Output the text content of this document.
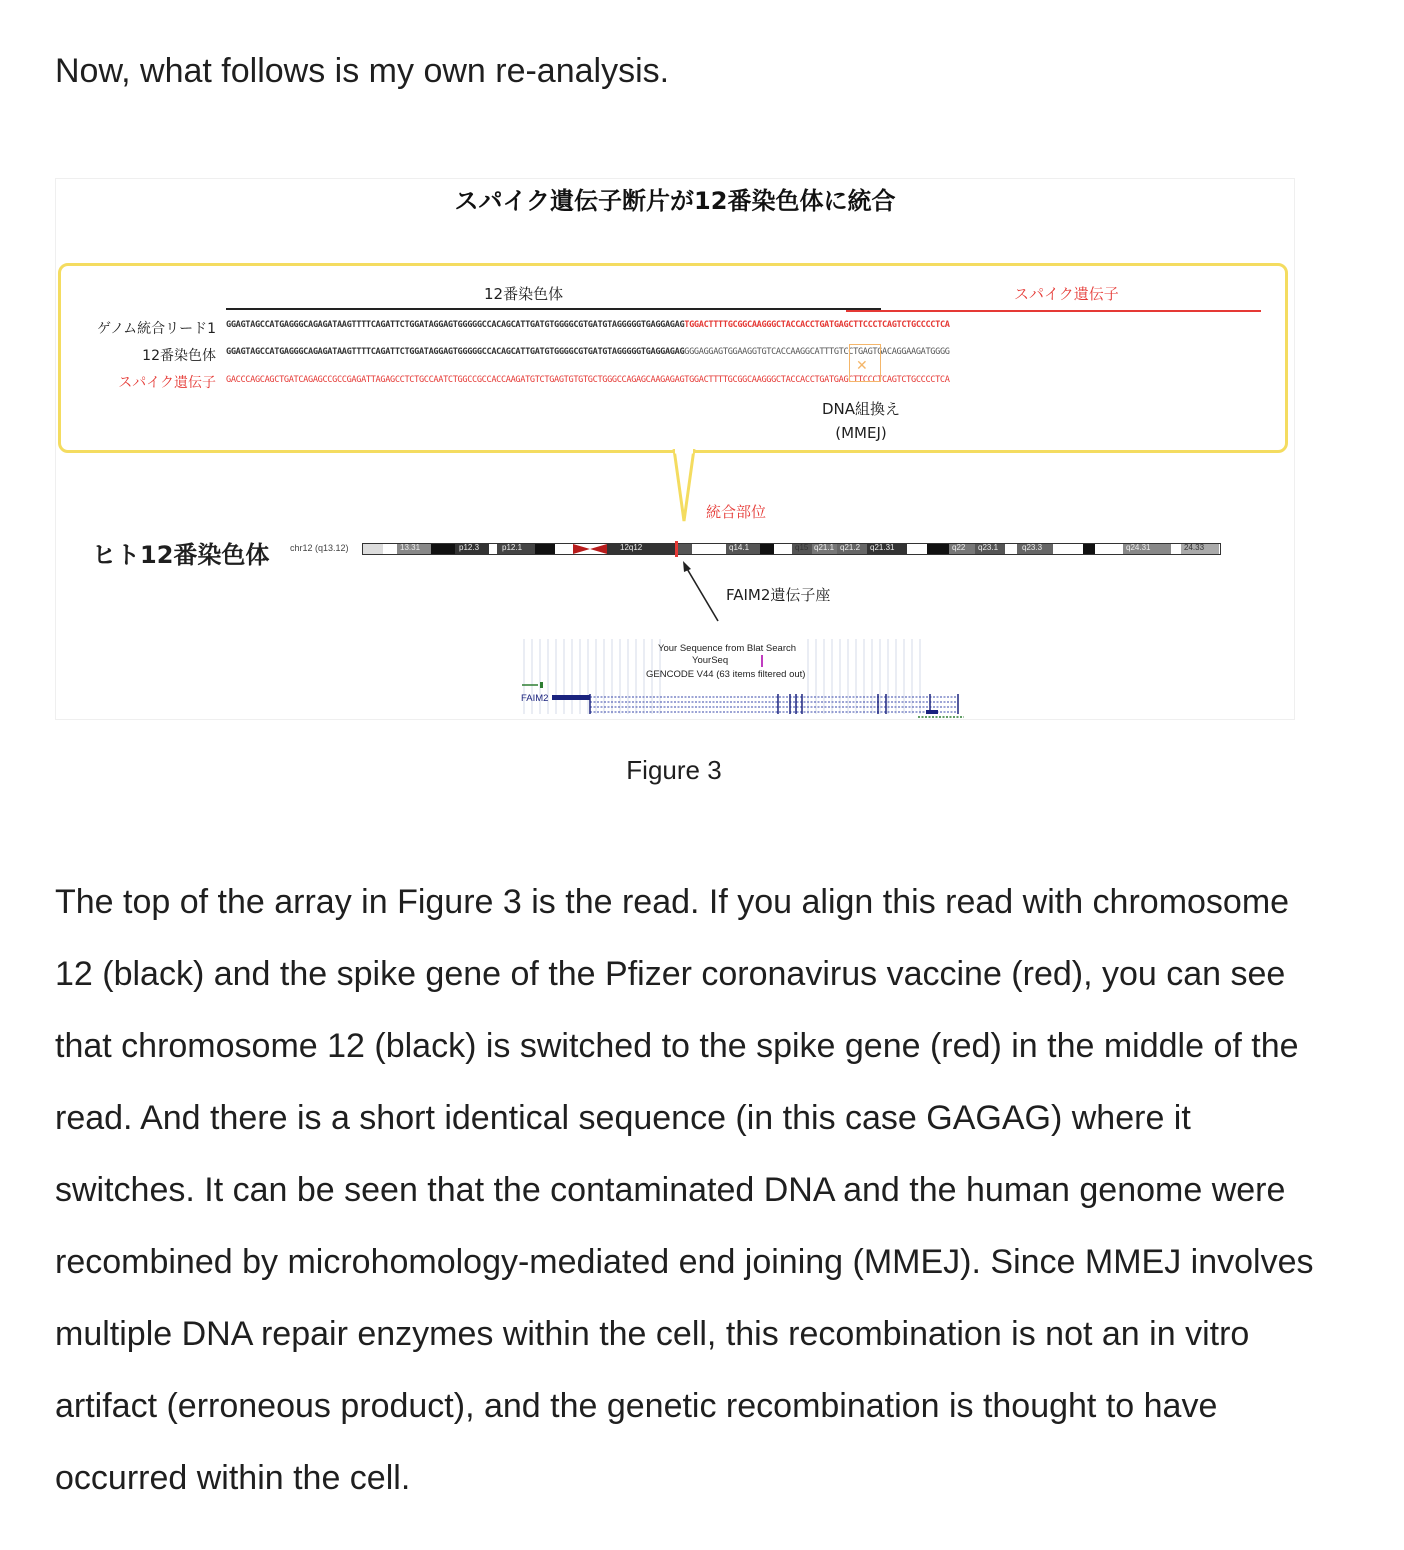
Now, what follows is my own re-analysis.

スパイク遺伝子断片が12番染色体に統合
12番染色体	スパイク遺伝子
ゲノム統合リード1 GGAGTAGCCATGAGGGCAGAGATAAGTTTTCAGATTCTGGATAGGAGTGGGGGCCACAGCATTGATGTGGGGCGTGATGTAGGGGGTGAGGAGAGTGGACTTTTGCGGCAAGGGCTACCACCTGATGAGCTTCCCTCAGTCTGCCCCTCA
12番染色体 GGAGTAGCCATGAGGGCAGAGATAAGTTTTCAGATTCTGGATAGGAGTGGGGGCCACAGCATTGATGTGGGGCGTGATGTAGGGGGTGAGGAGAGGGGAGGAGTGGAAGGTGTCACCAAGGCATTTGTCCTGAGTGACAGGAAGATGGGG
スパイク遺伝子 GACCCAGCAGCTGATCAGAGCCGCCGAGATTAGAGCCTCTGCCAATCTGGCCGCCACCAAGATGTCTGAGTGTGTGCTGGGCCAGAGCAAGAGAGTGGACTTTTGCGGCAAGGGCTACCACCTGATGAGCTTCCCTCAGTCTGCCCCTCA
✕
DNA組換え
(MMEJ)
統合部位
ヒト12番染色体 chr12 (q13.12)	13.31	p12.3	p12.1	12q12	q14.1	q15 q21.1 q21.2 q21.31	q22 q23.1	q23.3	q24.31	24.33
FAIM2遺伝子座
Your Sequence from Blat Search
YourSeq
GENCODE V44 (63 items filtered out)
FAIM2
Figure 3

The top of the array in Figure 3 is the read. If you align this read with chromosome 12 (black) and the spike gene of the Pfizer coronavirus vaccine (red), you can see that chromosome 12 (black) is switched to the spike gene (red) in the middle of the read. And there is a short identical sequence (in this case GAGAG) where it switches. It can be seen that the contaminated DNA and the human genome were recombined by microhomology-mediated end joining (MMEJ). Since MMEJ involves multiple DNA repair enzymes within the cell, this recombination is not an in vitro artifact (erroneous product), and the genetic recombination is thought to have occurred within the cell.
